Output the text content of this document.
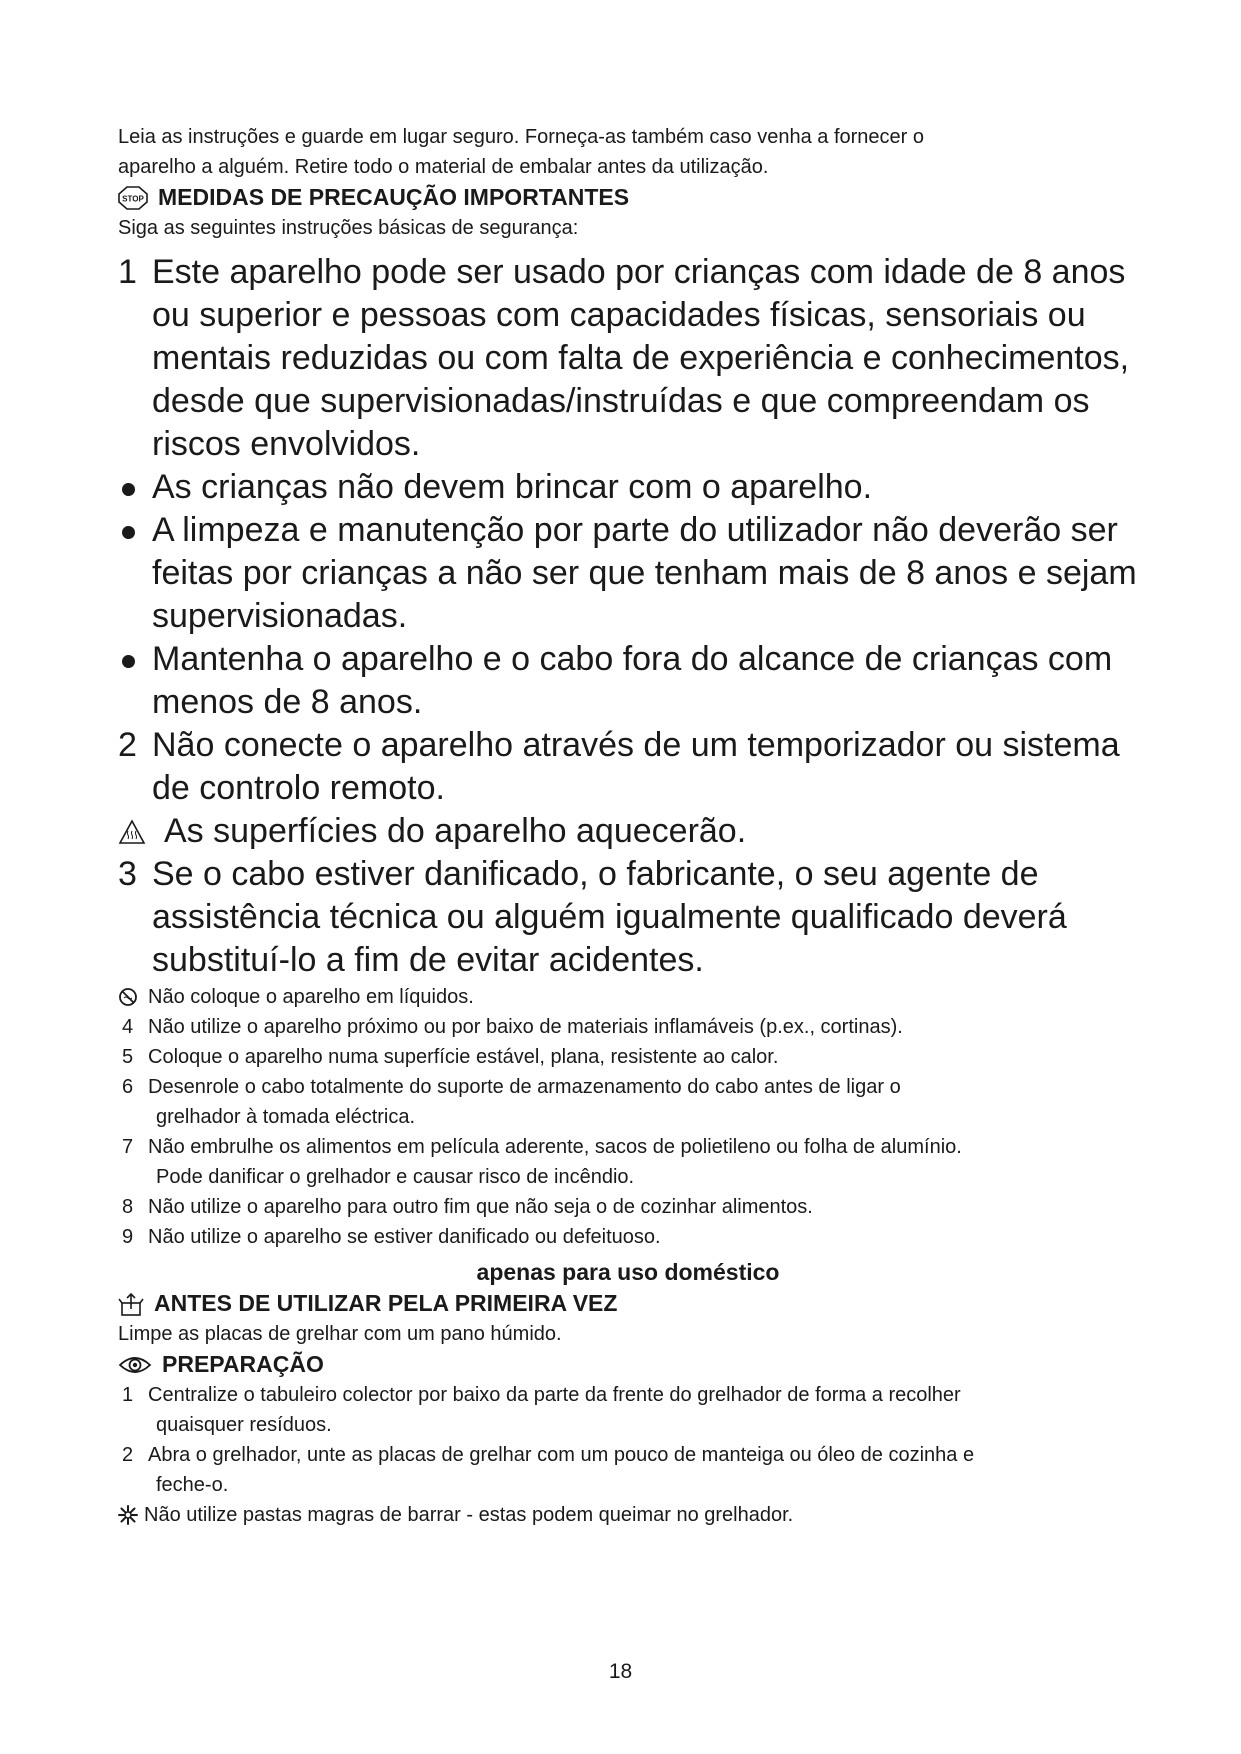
Leia as instruções e guarde em lugar seguro. Forneça-as também caso venha a fornecer o

aparelho a alguém. Retire todo o material de embalar antes da utilização.

STOP MEDIDAS DE PRECAUÇÃO IMPORTANTES

Siga as seguintes instruções básicas de segurança:

1 Este aparelho pode ser usado por crianças com idade de 8 anos

ou superior e pessoas com capacidades físicas, sensoriais ou

mentais reduzidas ou com falta de experiência e conhecimentos,

desde que supervisionadas/instruídas e que compreendam os

riscos envolvidos.

As crianças não devem brincar com o aparelho.

A limpeza e manutenção por parte do utilizador não deverão ser

feitas por crianças a não ser que tenham mais de 8 anos e sejam

supervisionadas.

Mantenha o aparelho e o cabo fora do alcance de crianças com

menos de 8 anos.

2 Não conecte o aparelho através de um temporizador ou sistema

de controlo remoto.

As superfícies do aparelho aquecerão.

3 Se o cabo estiver danificado, o fabricante, o seu agente de

assistência técnica ou alguém igualmente qualificado deverá

substituí-lo a fim de evitar acidentes.

Não coloque o aparelho em líquidos.

4 Não utilize o aparelho próximo ou por baixo de materiais inflamáveis (p.ex., cortinas).

5 Coloque o aparelho numa superfície estável, plana, resistente ao calor.

6 Desenrole o cabo totalmente do suporte de armazenamento do cabo antes de ligar o

grelhador à tomada eléctrica.

7 Não embrulhe os alimentos em película aderente, sacos de polietileno ou folha de alumínio.

Pode danificar o grelhador e causar risco de incêndio.

8 Não utilize o aparelho para outro fim que não seja o de cozinhar alimentos.

9 Não utilize o aparelho se estiver danificado ou defeituoso.

apenas para uso doméstico

ANTES DE UTILIZAR PELA PRIMEIRA VEZ

Limpe as placas de grelhar com um pano húmido.

PREPARAÇÃO
1 Centralize o tabuleiro colector por baixo da parte da frente do grelhador de forma a recolher

quaisquer resíduos.

2 Abra o grelhador, unte as placas de grelhar com um pouco de manteiga ou óleo de cozinha e

feche-o.

Não utilize pastas magras de barrar - estas podem queimar no grelhador.

18
